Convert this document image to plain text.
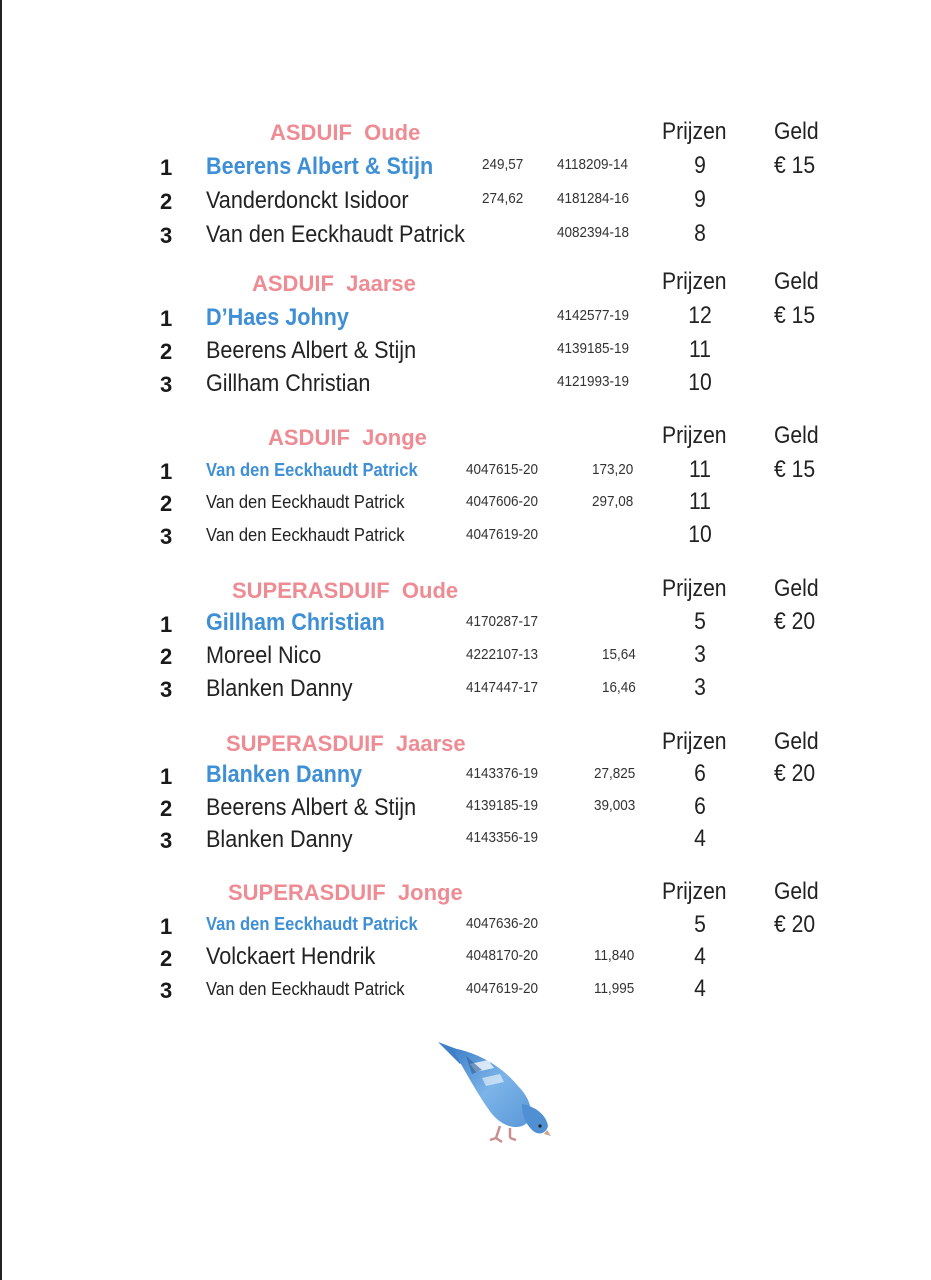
ASDUIF  Oude	Prijzen Geld
1	Beerens Albert & Stijn	249,57 4118209-14	9	€ 15
2	Vanderdonckt Isidoor	274,62 4181284-16	9
3	Van den Eeckhaudt Patrick	4082394-18	8
ASDUIF  Jaarse	Prijzen Geld
1	D’Haes Johny	4142577-19 12	€ 15
2	Beerens Albert & Stijn	4139185-19 11
3	Gillham Christian	4121993-19 10
ASDUIF  Jonge	Prijzen Geld
1	Van den Eeckhaudt Patrick	4047615-20	173,20 11	€ 15
2	Van den Eeckhaudt Patrick	4047606-20	297,08 11
3	Van den Eeckhaudt Patrick	4047619-20	10
SUPERASDUIF  Oude	Prijzen Geld
1	Gillham Christian	4170287-17	5	€ 20
2	Moreel Nico	4222107-13	15,64	3
3	Blanken Danny	4147447-17	16,46	3
SUPERASDUIF  Jaarse	Prijzen Geld
1	Blanken Danny	4143376-19	27,825	6	€ 20
2	Beerens Albert & Stijn	4139185-19	39,003	6
3	Blanken Danny	4143356-19	4
SUPERASDUIF  Jonge	Prijzen Geld
1	Van den Eeckhaudt Patrick	4047636-20	5	€ 20
2	Volckaert Hendrik	4048170-20	11,840	4
3	Van den Eeckhaudt Patrick	4047619-20	11,995	4
